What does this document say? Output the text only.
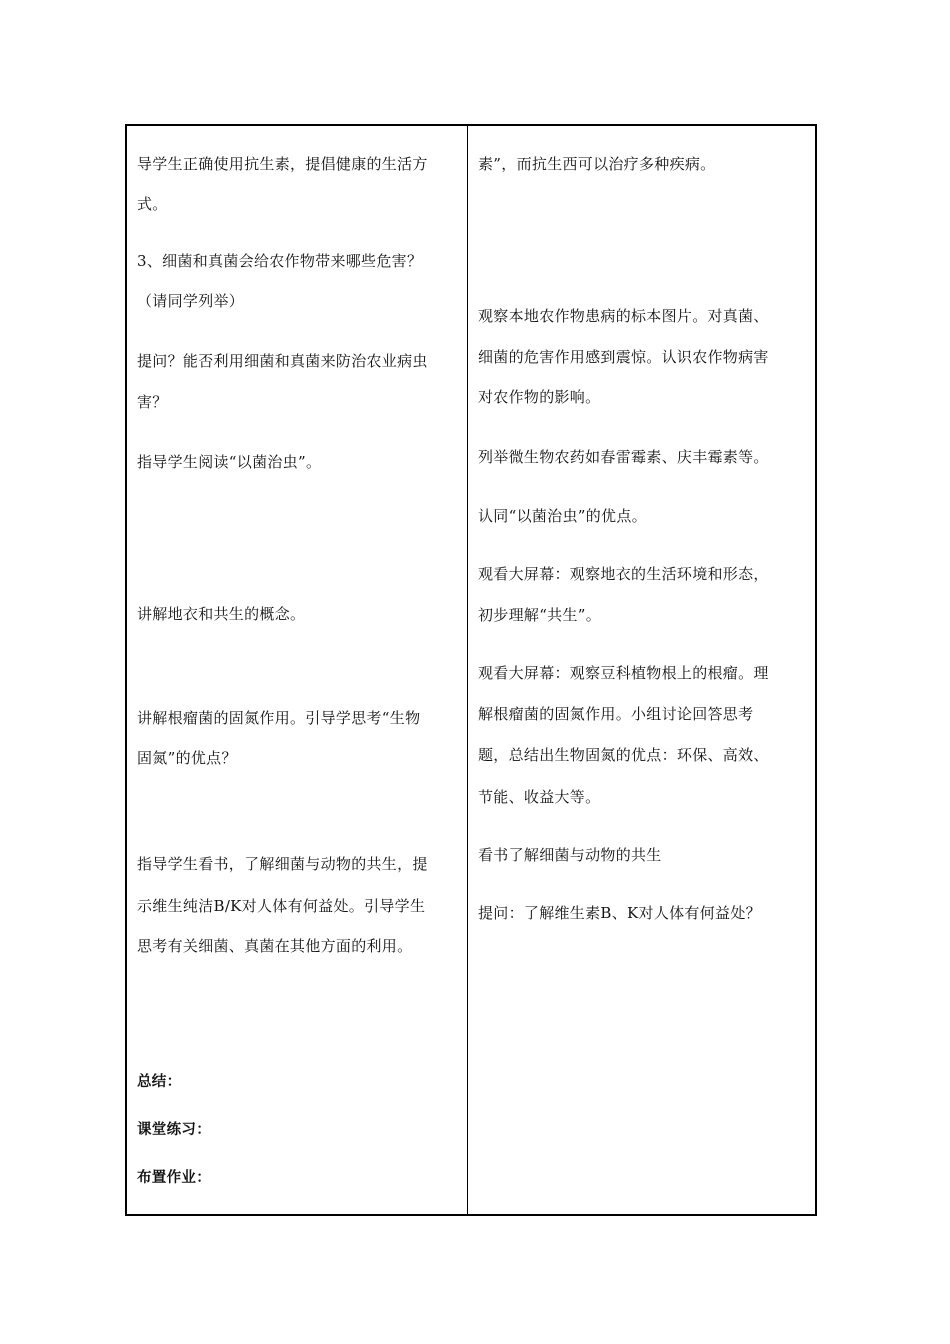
导学生正确使用抗生素，提倡健康的生活方
式。
3、细菌和真菌会给农作物带来哪些危害？
（请同学列举）
提问？能否利用细菌和真菌来防治农业病虫
害？
指导学生阅读“以菌治虫”。
讲解地衣和共生的概念。
讲解根瘤菌的固氮作用。引导学思考“生物
固氮”的优点？
指导学生看书，了解细菌与动物的共生，提
示维生纯洁B/K对人体有何益处。引导学生
思考有关细菌、真菌在其他方面的利用。
总结：
课堂练习：
布置作业：
素”，而抗生西可以治疗多种疾病。
观察本地农作物患病的标本图片。对真菌、
细菌的危害作用感到震惊。认识农作物病害
对农作物的影响。
列举微生物农药如春雷霉素、庆丰霉素等。
认同“以菌治虫”的优点。
观看大屏幕：观察地衣的生活环境和形态，
初步理解“共生”。
观看大屏幕：观察豆科植物根上的根瘤。理
解根瘤菌的固氮作用。小组讨论回答思考
题，总结出生物固氮的优点：环保、高效、
节能、收益大等。
看书了解细菌与动物的共生
提问：了解维生素B、K对人体有何益处？
